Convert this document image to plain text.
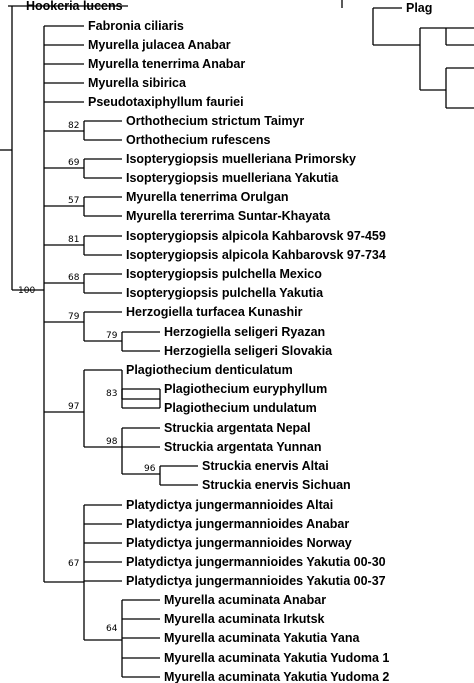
Hookeria lucens
Fabronia ciliaris
Myurella julacea Anabar
Myurella tenerrima Anabar
Myurella sibirica
Pseudotaxiphyllum fauriei
Orthothecium strictum Taimyr
Orthothecium rufescens
Isopterygiopsis muelleriana Primorsky
Isopterygiopsis muelleriana Yakutia
Myurella tenerrima Orulgan
Myurella tererrima Suntar-Khayata
Isopterygiopsis alpicola Kahbarovsk 97-459
Isopterygiopsis alpicola Kahbarovsk 97-734
Isopterygiopsis pulchella Mexico
Isopterygiopsis pulchella Yakutia
Herzogiella turfacea Kunashir
Herzogiella seligeri Ryazan
Herzogiella seligeri Slovakia
Plagiothecium denticulatum
Plagiothecium euryphyllum
Plagiothecium undulatum
Struckia argentata Nepal
Struckia argentata Yunnan
Struckia enervis Altai
Struckia enervis Sichuan
Platydictya jungermannioides Altai
Platydictya jungermannioides Anabar
Platydictya jungermannioides Norway
Platydictya jungermannioides Yakutia 00-30
Platydictya jungermannioides Yakutia 00-37
Myurella acuminata Anabar
Myurella acuminata Irkutsk
Myurella acuminata Yakutia Yana
Myurella acuminata Yakutia Yudoma 1
Myurella acuminata Yakutia Yudoma 2
Plag
82
69
57
81
68
100
79
79
83
97
98
96
67
64
